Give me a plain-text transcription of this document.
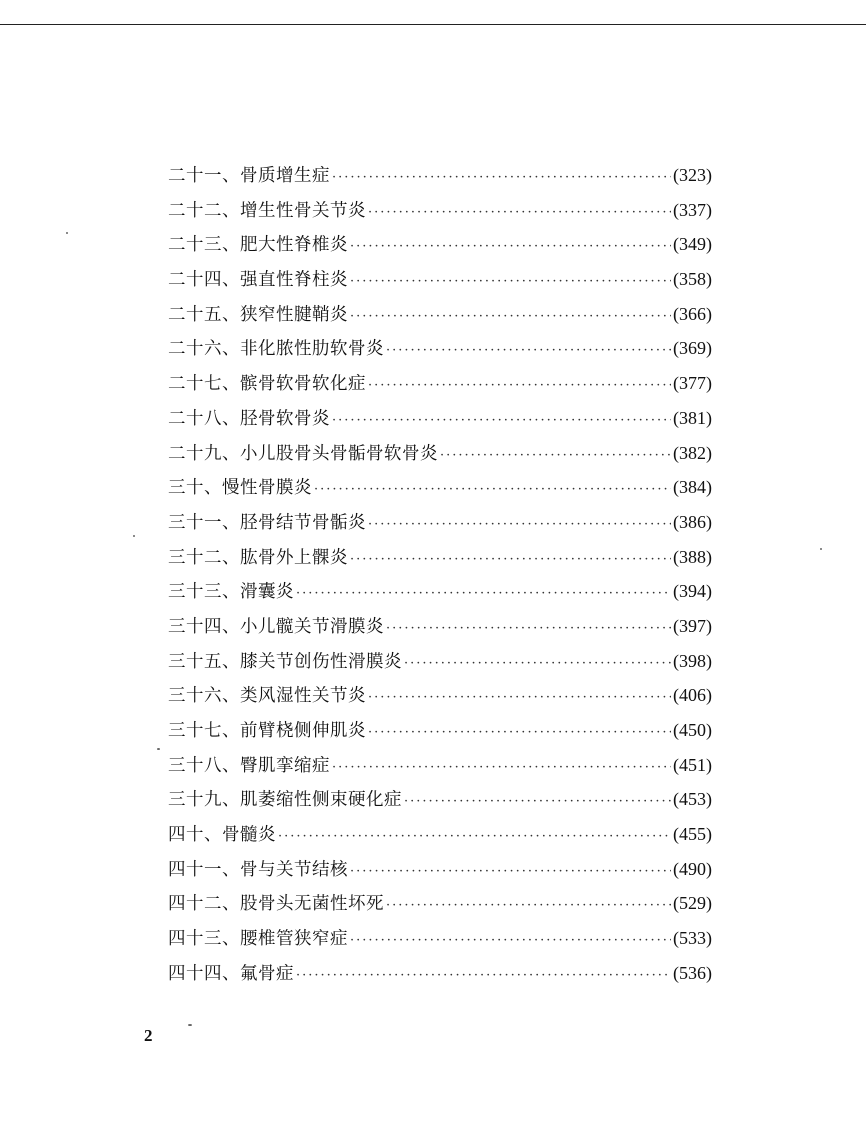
二十一、骨质增生症 ·····	(323)
二十二、增生性骨关节炎 ·····	(337)
二十三、肥大性脊椎炎 ·····	(349)
二十四、强直性脊柱炎 ·····	(358)
二十五、狭窄性腱鞘炎 ·····	(366)
二十六、非化脓性肋软骨炎 ·····	(369)
二十七、髌骨软骨软化症 ·····	(377)
二十八、胫骨软骨炎 ·····	(381)
二十九、小儿股骨头骨骺骨软骨炎 ·····	(382)
三十、慢性骨膜炎 ·····	(384)
三十一、胫骨结节骨骺炎 ·····	(386)
三十二、肱骨外上髁炎 ·····	(388)
三十三、滑囊炎 ·····	(394)
三十四、小儿髋关节滑膜炎 ·····	(397)
三十五、膝关节创伤性滑膜炎 ·····	(398)
三十六、类风湿性关节炎 ·····	(406)
三十七、前臂桡侧伸肌炎 ·····	(450)
三十八、臀肌挛缩症 ·····	(451)
三十九、肌萎缩性侧束硬化症 ·····	(453)
四十、骨髓炎 ·····	(455)
四十一、骨与关节结核 ·····	(490)
四十二、股骨头无菌性坏死 ·····	(529)
四十三、腰椎管狭窄症 ·····	(533)
四十四、氟骨症 ·····	(536)
2
